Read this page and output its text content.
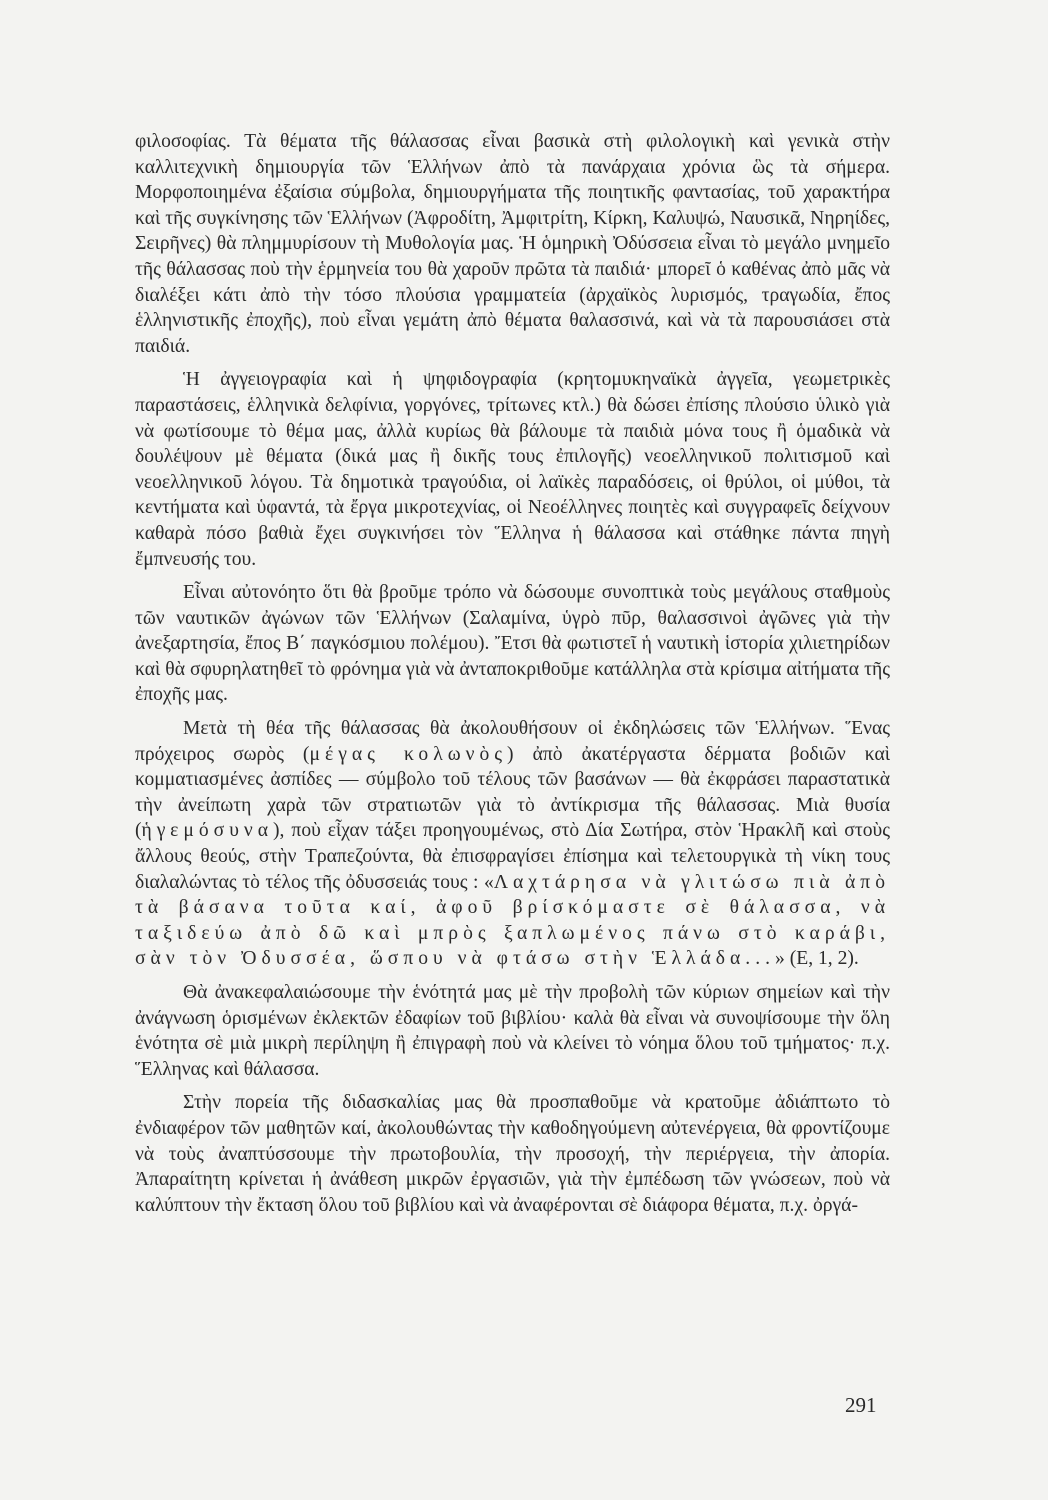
φιλοσοφίας. Τὰ θέματα τῆς θάλασσας εἶναι βασικὰ στὴ φιλολογικὴ καὶ γενικὰ στὴν καλλιτεχνικὴ δημιουργία τῶν Ἑλλήνων ἀπὸ τὰ πανάρχαια χρόνια ὣς τὰ σήμερα. Μορφοποιημένα ἐξαίσια σύμβολα, δημιουργήματα τῆς ποιητικῆς φαντασίας, τοῦ χαρακτήρα καὶ τῆς συγκίνησης τῶν Ἑλλήνων (Ἀφροδίτη, Ἀμφιτρίτη, Κίρκη, Καλυψώ, Ναυσικᾶ, Νηρηίδες, Σειρῆνες) θὰ πλημμυρίσουν τὴ Μυθολογία μας. Ἡ ὁμηρικὴ Ὀδύσσεια εἶναι τὸ μεγάλο μνημεῖο τῆς θάλασσας ποὺ τὴν ἑρμηνεία του θὰ χαροῦν πρῶτα τὰ παιδιά· μπορεῖ ὁ καθένας ἀπὸ μᾶς νὰ διαλέξει κάτι ἀπὸ τὴν τόσο πλούσια γραμματεία (ἀρχαϊκὸς λυρισμός, τραγωδία, ἔπος ἑλληνιστικῆς ἐποχῆς), ποὺ εἶναι γεμάτη ἀπὸ θέματα θαλασσινά, καὶ νὰ τὰ παρουσιάσει στὰ παιδιά.

Ἡ ἀγγειογραφία καὶ ἡ ψηφιδογραφία (κρητομυκηναϊκὰ ἀγγεῖα, γεωμετρικὲς παραστάσεις, ἑλληνικὰ δελφίνια, γοργόνες, τρίτωνες κτλ.) θὰ δώσει ἐπίσης πλούσιο ὑλικὸ γιὰ νὰ φωτίσουμε τὸ θέμα μας, ἀλλὰ κυρίως θὰ βάλουμε τὰ παιδιὰ μόνα τους ἢ ὁμαδικὰ νὰ δουλέψουν μὲ θέματα (δικά μας ἢ δικῆς τους ἐπιλογῆς) νεοελληνικοῦ πολιτισμοῦ καὶ νεοελληνικοῦ λόγου. Τὰ δημοτικὰ τραγούδια, οἱ λαϊκὲς παραδόσεις, οἱ θρύλοι, οἱ μύθοι, τὰ κεντήματα καὶ ὑφαντά, τὰ ἔργα μικροτεχνίας, οἱ Νεοέλληνες ποιητὲς καὶ συγγραφεῖς δείχνουν καθαρὰ πόσο βαθιὰ ἔχει συγκινήσει τὸν Ἕλληνα ἡ θάλασσα καὶ στάθηκε πάντα πηγὴ ἔμπνευσής του.

Εἶναι αὐτονόητο ὅτι θὰ βροῦμε τρόπο νὰ δώσουμε συνοπτικὰ τοὺς μεγάλους σταθμοὺς τῶν ναυτικῶν ἀγώνων τῶν Ἑλλήνων (Σαλαμίνα, ὑγρὸ πῦρ, θαλασσινοὶ ἀγῶνες γιὰ τὴν ἀνεξαρτησία, ἔπος Β΄ παγκόσμιου πολέμου). Ἔτσι θὰ φωτιστεῖ ἡ ναυτικὴ ἱστορία χιλιετηρίδων καὶ θὰ σφυρηλατηθεῖ τὸ φρόνημα γιὰ νὰ ἀνταποκριθοῦμε κατάλληλα στὰ κρίσιμα αἰτήματα τῆς ἐποχῆς μας.

Μετὰ τὴ θέα τῆς θάλασσας θὰ ἀκολουθήσουν οἱ ἐκδηλώσεις τῶν Ἑλλήνων. Ἕνας πρόχειρος σωρὸς (μέγας κολωνὸς) ἀπὸ ἀκατέργαστα δέρματα βοδιῶν καὶ κομματιασμένες ἀσπίδες — σύμβολο τοῦ τέλους τῶν βασάνων — θὰ ἐκφράσει παραστατικὰ τὴν ἀνείπωτη χαρὰ τῶν στρατιωτῶν γιὰ τὸ ἀντίκρισμα τῆς θάλασσας. Μιὰ θυσία (ἡγεμόσυνα), ποὺ εἶχαν τάξει προηγουμένως, στὸ Δία Σωτήρα, στὸν Ἡρακλῆ καὶ στοὺς ἄλλους θεούς, στὴν Τραπεζούντα, θὰ ἐπισφραγίσει ἐπίσημα καὶ τελετουργικὰ τὴ νίκη τους διαλαλώντας τὸ τέλος τῆς ὀδυσσειάς τους : «Λαχτάρησα νὰ γλιτώσω πιὰ ἀπὸ τὰ βάσανα τοῦτα καί, ἀφοῦ βρίσκόμαστε σὲ θάλασσα, νὰ ταξιδεύω ἀπὸ δῶ καὶ μπρὸς ξαπλωμένος πάνω στὸ καράβι, σὰν τὸν Ὀδυσσέα, ὥσπου νὰ φτάσω στὴν Ἑλλάδα...» (Ε, 1, 2).

Θὰ ἀνακεφαλαιώσουμε τὴν ἑνότητά μας μὲ τὴν προβολὴ τῶν κύριων σημείων καὶ τὴν ἀνάγνωση ὁρισμένων ἐκλεκτῶν ἐδαφίων τοῦ βιβλίου· καλὰ θὰ εἶναι νὰ συνοψίσουμε τὴν ὅλη ἑνότητα σὲ μιὰ μικρὴ περίληψη ἢ ἐπιγραφὴ ποὺ νὰ κλείνει τὸ νόημα ὅλου τοῦ τμήματος· π.χ. Ἕλληνας καὶ θάλασσα.

Στὴν πορεία τῆς διδασκαλίας μας θὰ προσπαθοῦμε νὰ κρατοῦμε ἀδιάπτωτο τὸ ἐνδιαφέρον τῶν μαθητῶν καί, ἀκολουθώντας τὴν καθοδηγούμενη αὐτενέργεια, θὰ φροντίζουμε νὰ τοὺς ἀναπτύσσουμε τὴν πρωτοβουλία, τὴν προσοχή, τὴν περιέργεια, τὴν ἀπορία. Ἀπαραίτητη κρίνεται ἡ ἀνάθεση μικρῶν ἐργασιῶν, γιὰ τὴν ἐμπέδωση τῶν γνώσεων, ποὺ νὰ καλύπτουν τὴν ἔκταση ὅλου τοῦ βιβλίου καὶ νὰ ἀναφέρονται σὲ διάφορα θέματα, π.χ. ὀργά-

291
